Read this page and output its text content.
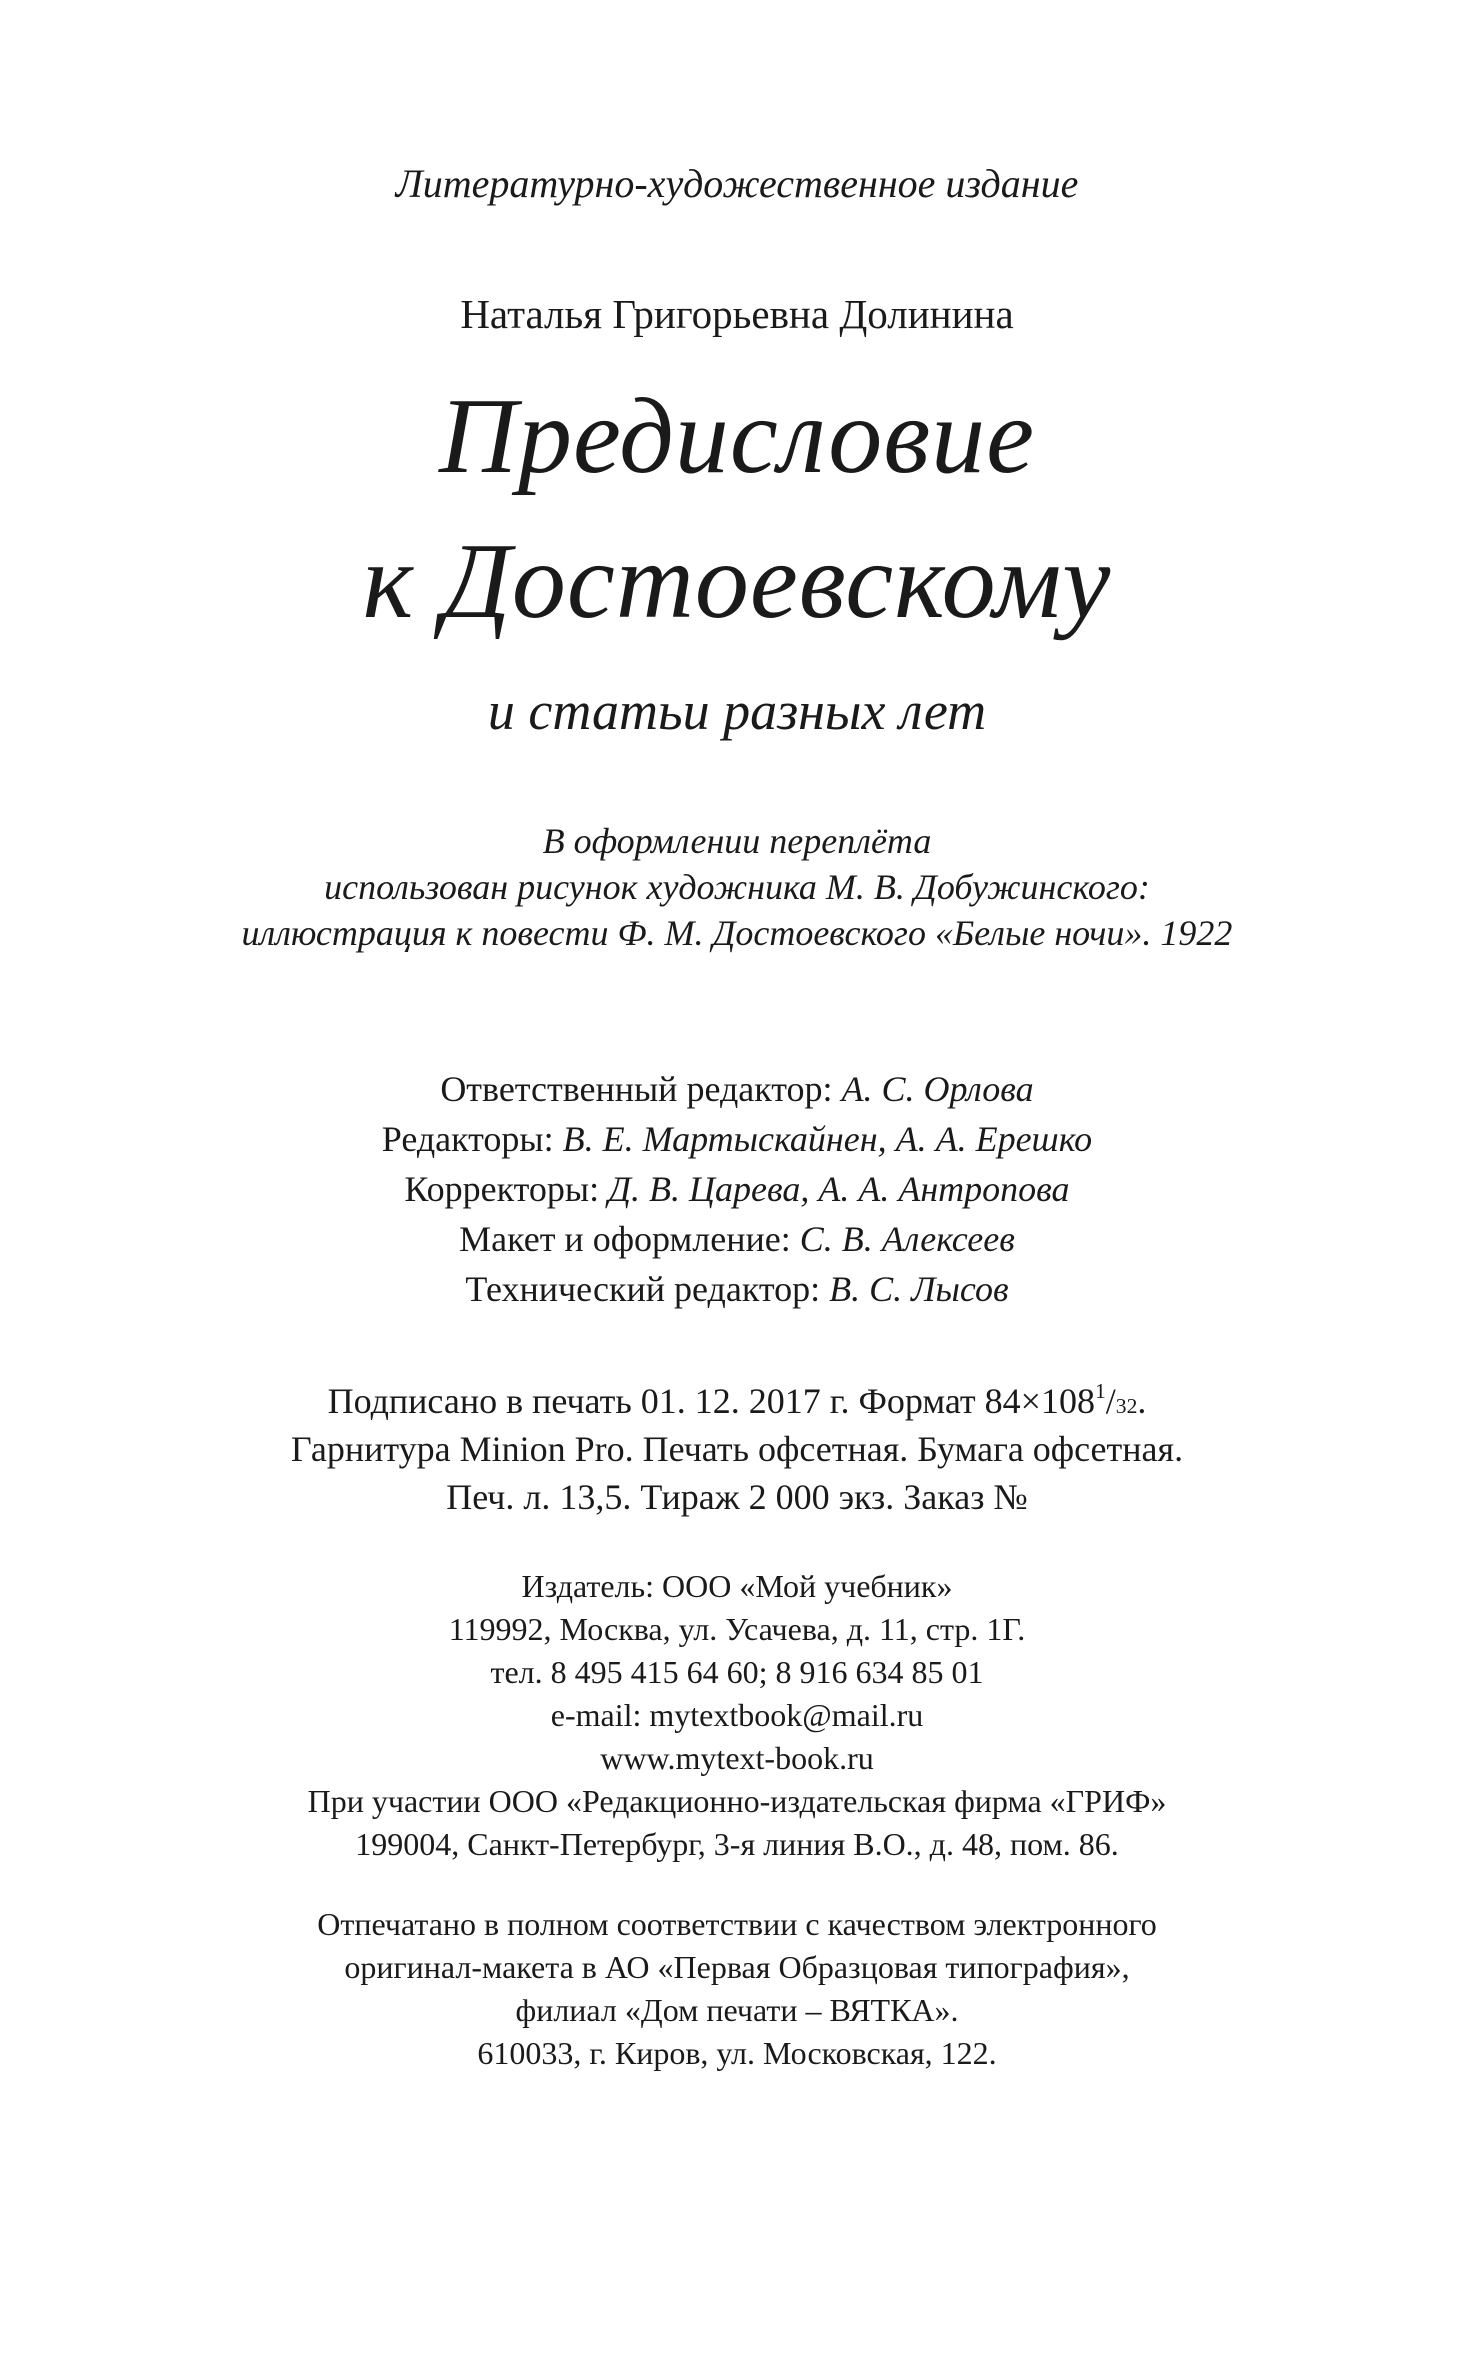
Литературно-художественное издание
Наталья Григорьевна Долинина
Предисловие
к Достоевскому
и статьи разных лет
В оформлении переплёта
использован рисунок художника М. В. Добужинского:
иллюстрация к повести Ф. М. Достоевского «Белые ночи». 1922
Ответственный редактор: А. С. Орлова
Редакторы: В. Е. Мартыскайнен, А. А. Ерешко
Корректоры: Д. В. Царева, А. А. Антропова
Макет и оформление: С. В. Алексеев
Технический редактор: В. С. Лысов
Подписано в печать 01. 12. 2017 г. Формат $84\times 108^1/32$.
Гарнитура Minion Pro. Печать офсетная. Бумага офсетная.
Печ. л. 13,5. Тираж 2 000 экз. Заказ №
Издатель: ООО «Мой учебник»
119992, Москва, ул. Усачева, д. 11, стр. 1Г.
тел. 8 495 415 64 60; 8 916 634 85 01
e-mail: mytextbook@mail.ru
www.mytext-book.ru
При участии ООО «Редакционно-издательская фирма «ГРИФ»
199004, Санкт-Петербург, 3-я линия В.О., д. 48, пом. 86.
Отпечатано в полном соответствии с качеством электронного
оригинал-макета в АО «Первая Образцовая типография»,
филиал «Дом печати – ВЯТКА».
610033, г. Киров, ул. Московская, 122.
